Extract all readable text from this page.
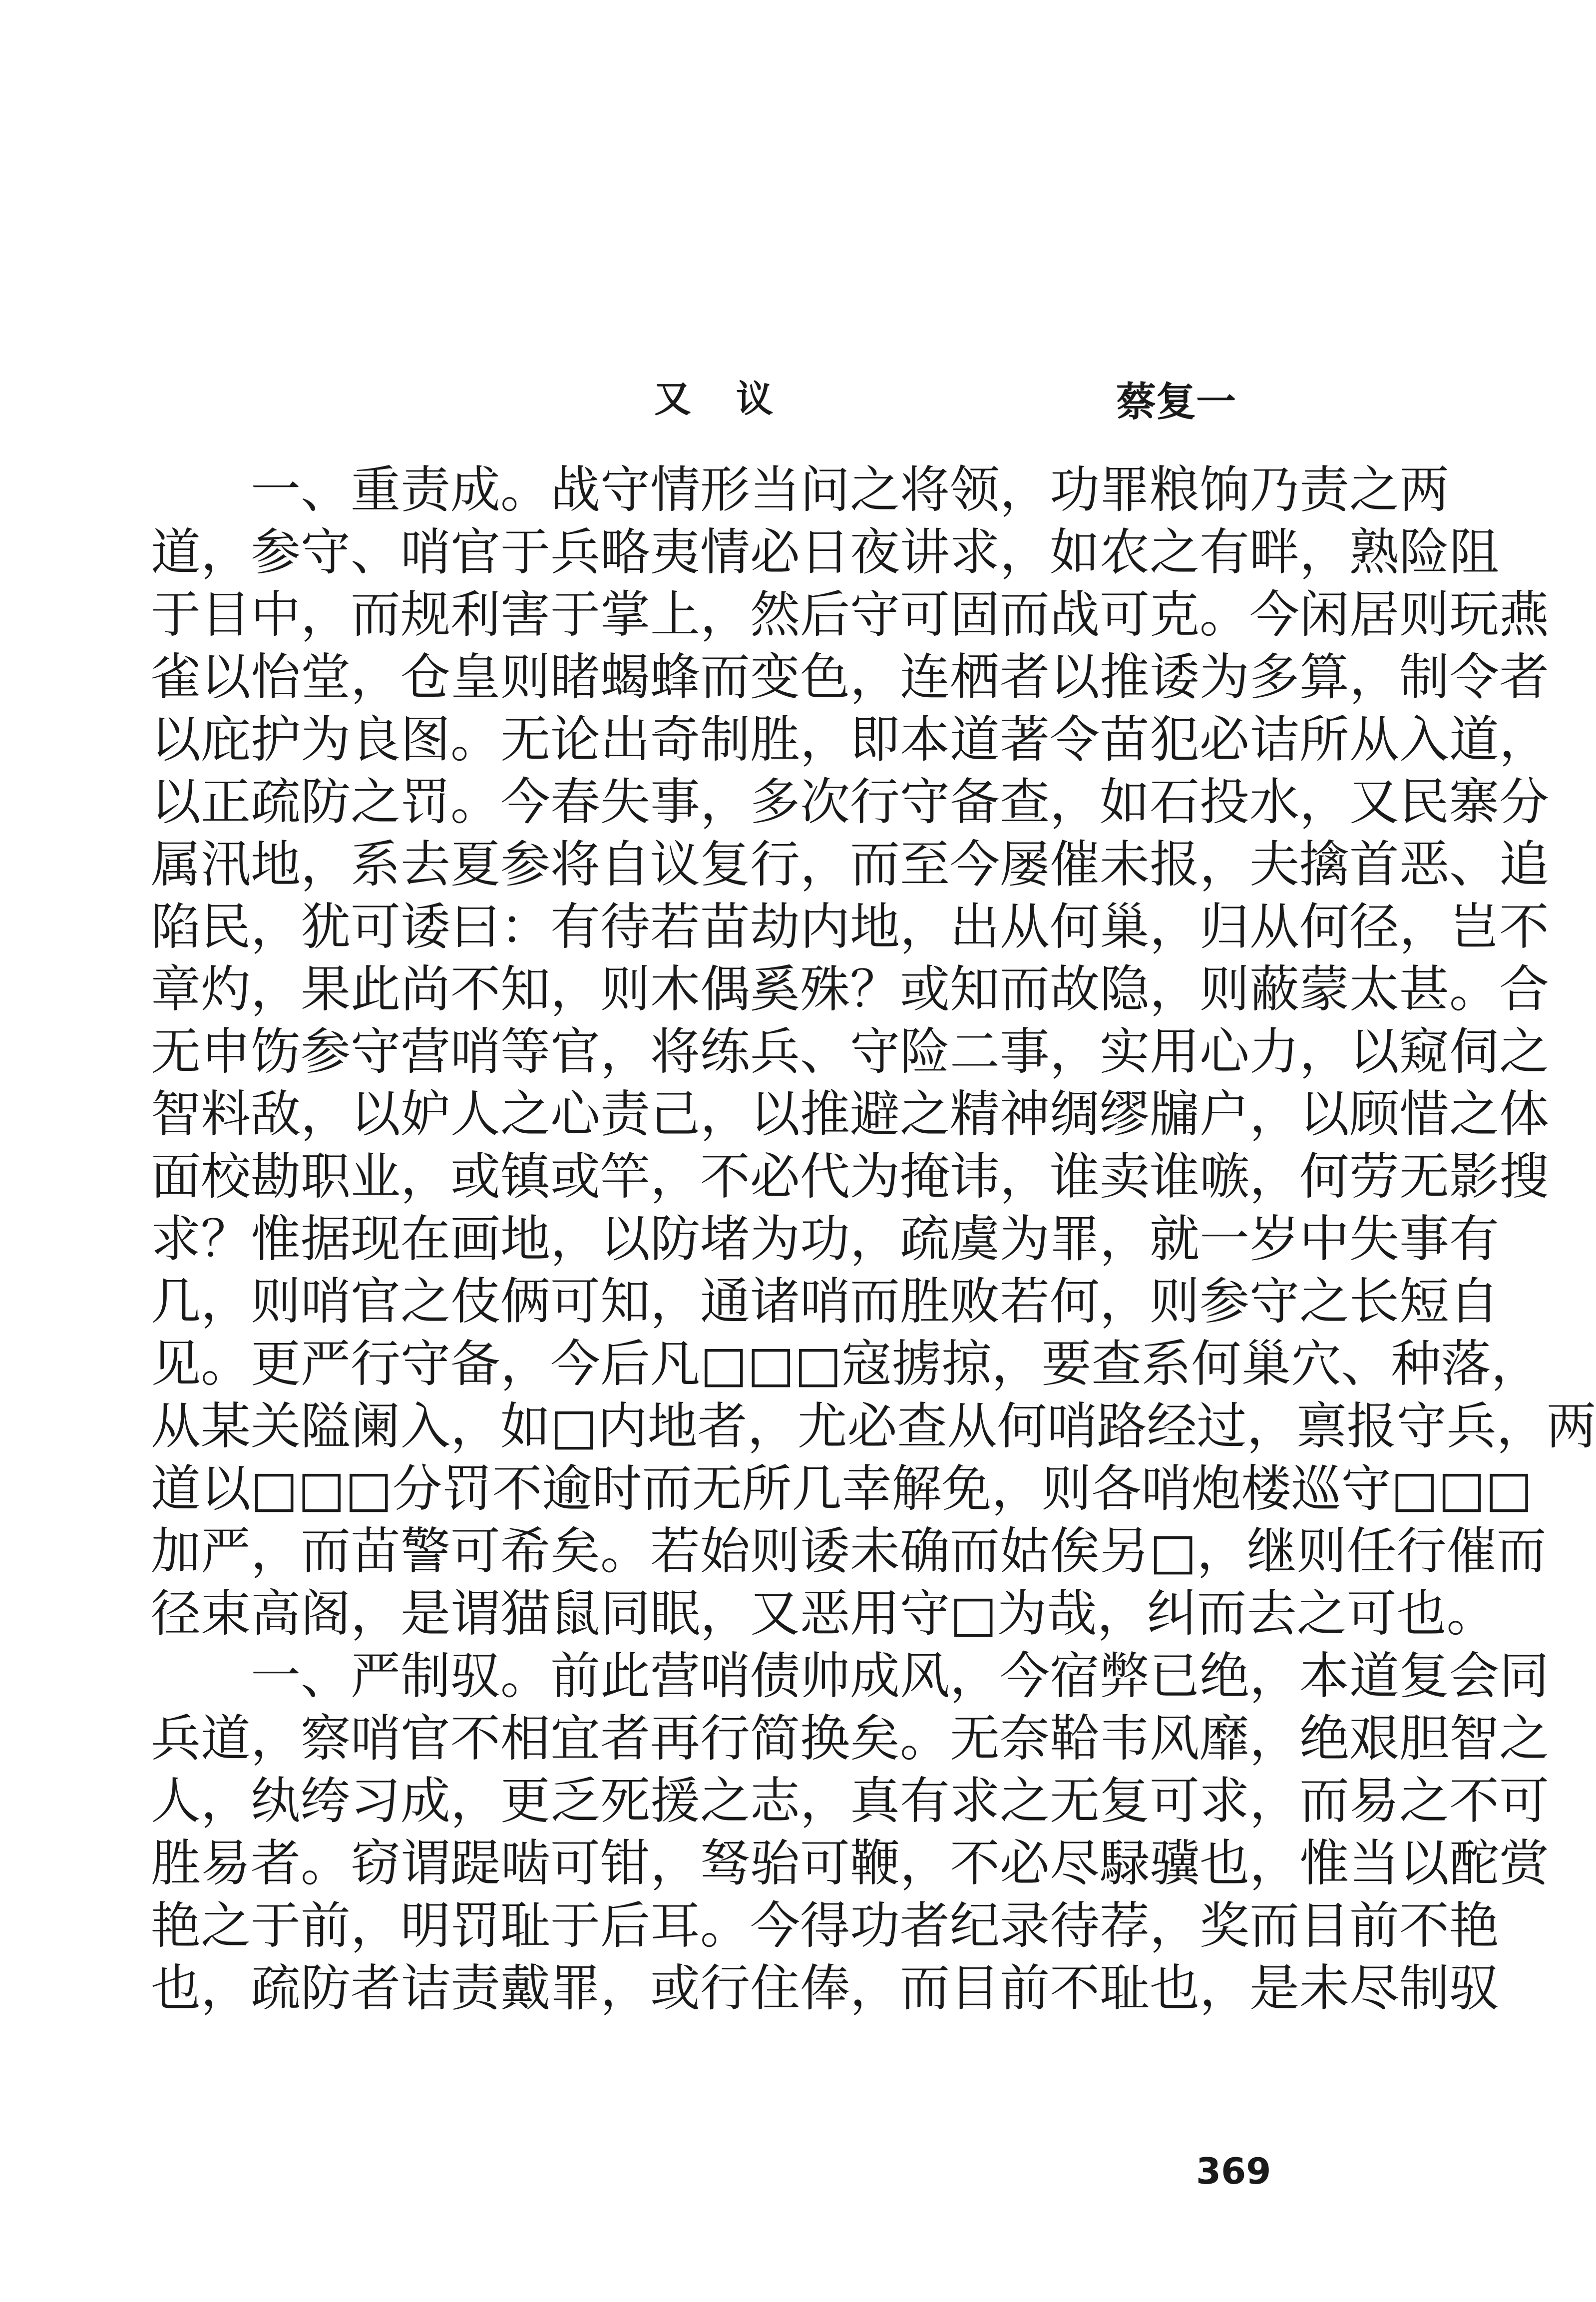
又议	蔡复一
一、重责成。战守情形当问之将领，功罪粮饷乃责之两
道，参守、哨官于兵略夷情必日夜讲求，如农之有畔，熟险阻
于目中，而规利害于掌上，然后守可固而战可克。今闲居则玩燕
雀以怡堂，仓皇则睹蝎蜂而变色，连栖者以推诿为多算，制令者
以庇护为良图。无论出奇制胜，即本道著令苗犯必诘所从入道，
以正疏防之罚。今春失事，多次行守备查，如石投水，又民寨分
属汛地，系去夏参将自议复行，而至今屡催未报，夫擒首恶、追
陷民，犹可诿曰：有待若苗劫内地，出从何巢，归从何径，岂不
章灼，果此尚不知，则木偶奚殊？或知而故隐，则蔽蒙太甚。合
无申饬参守营哨等官，将练兵、守险二事，实用心力，以窥伺之
智料敌，以妒人之心责己，以推避之精神绸缪牖户，以顾惜之体
面校勘职业，或镇或竿，不必代为掩讳，谁卖谁嗾，何劳无影搜
求？惟据现在画地，以防堵为功，疏虞为罪，就一岁中失事有
几，则哨官之伎俩可知，通诸哨而胜败若何，则参守之长短自
见。更严行守备，今后凡□□□寇掳掠，要查系何巢穴、种落，
从某关隘阑入，如□内地者，尤必查从何哨路经过，禀报守兵，两
道以□□□分罚不逾时而无所几幸解免，则各哨炮楼巡守□□□
加严，而苗警可希矣。若始则诿未确而姑俟另□，继则任行催而
径束高阁，是谓猫鼠同眠，又恶用守□为哉，纠而去之可也。
一、严制驭。前此营哨债帅成风，今宿弊已绝，本道复会同
兵道，察哨官不相宜者再行简换矣。无奈鞈韦风靡，绝艰胆智之
人，纨绔习成，更乏死援之志，真有求之无复可求，而易之不可
胜易者。窃谓踶啮可钳，驽骀可鞭，不必尽騄骥也，惟当以酡赏
艳之于前，明罚耻于后耳。今得功者纪录待荐，奖而目前不艳
也，疏防者诘责戴罪，或行住俸，而目前不耻也，是未尽制驭
369
